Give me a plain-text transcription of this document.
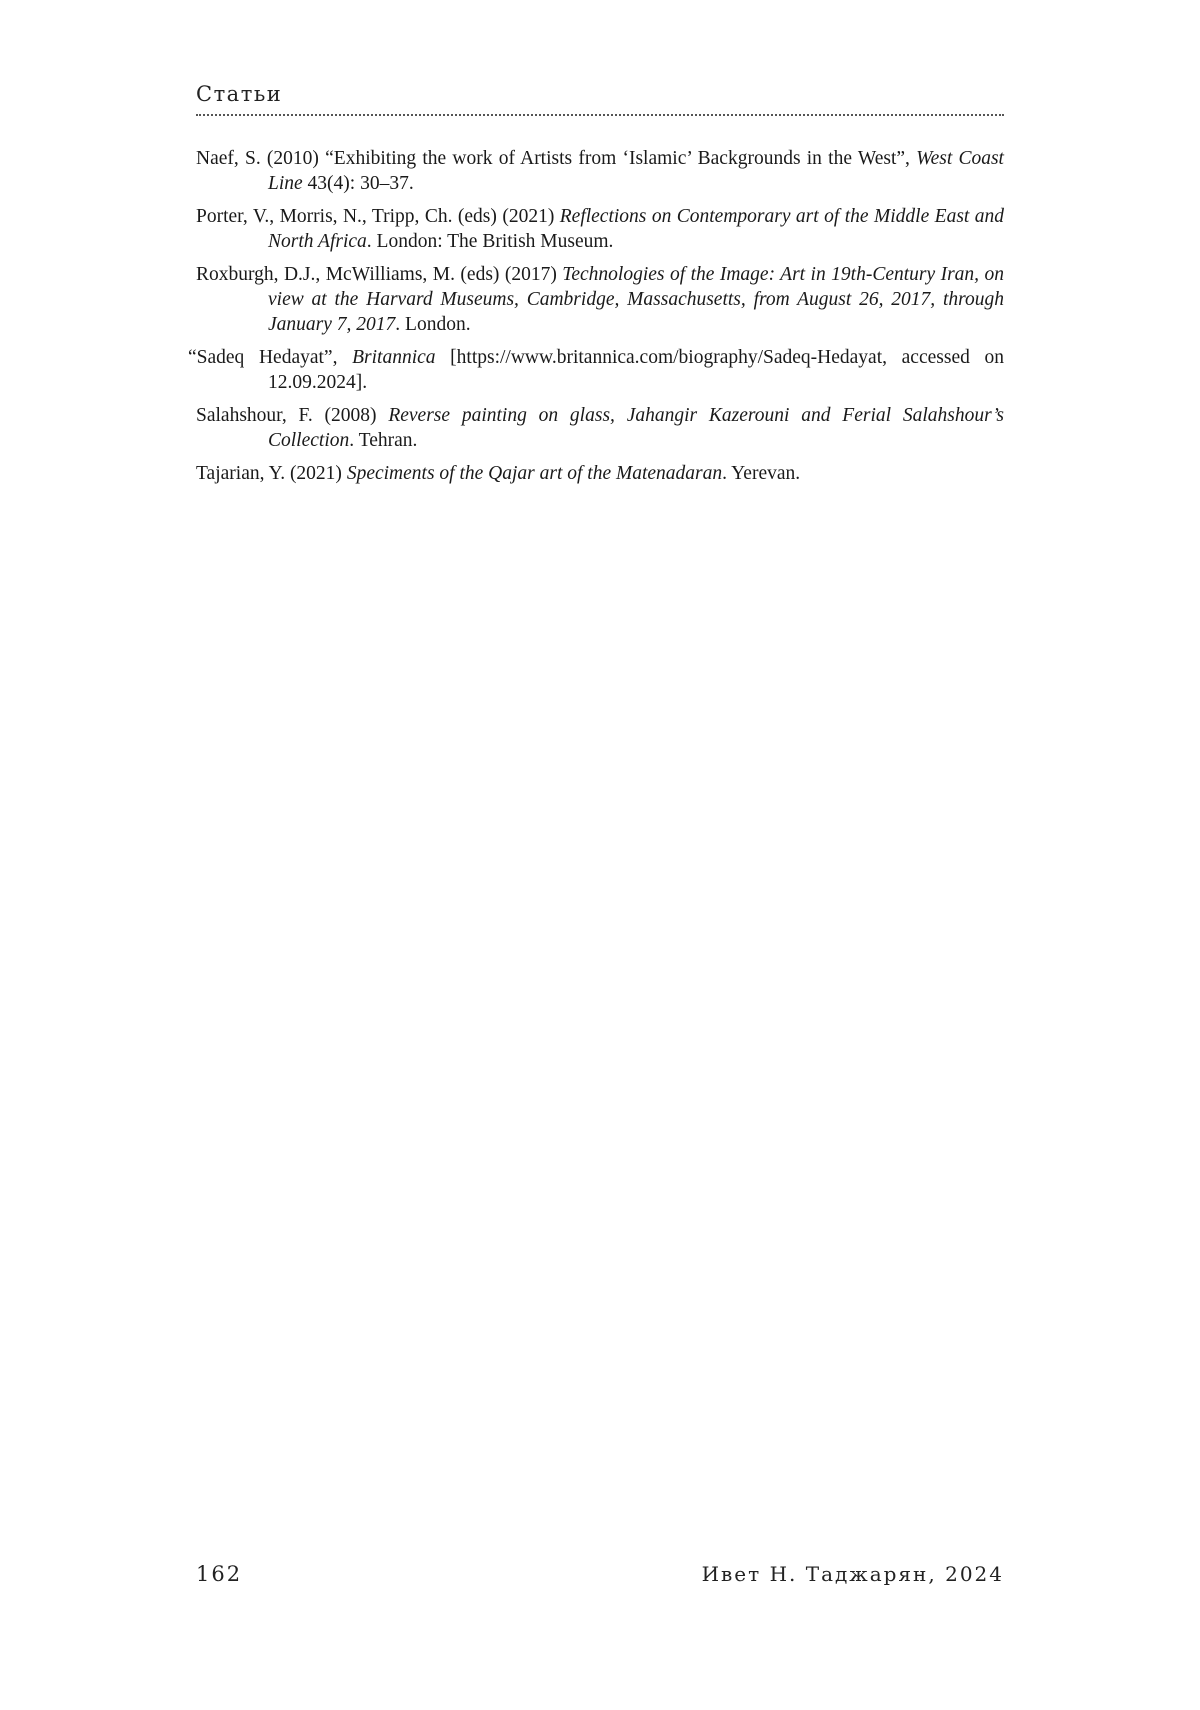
Статьи
Naef, S. (2010) “Exhibiting the work of Artists from ‘Islamic’ Backgrounds in the West”, West Coast Line 43(4): 30–37.
Porter, V., Morris, N., Tripp, Ch. (eds) (2021) Reflections on Contemporary art of the Middle East and North Africa. London: The British Museum.
Roxburgh, D.J., McWilliams, M. (eds) (2017) Technologies of the Image: Art in 19th-Century Iran, on view at the Harvard Museums, Cambridge, Massachusetts, from August 26, 2017, through January 7, 2017. London.
“Sadeq Hedayat”, Britannica [https://www.britannica.com/biography/Sadeq-Hedayat, accessed on 12.09.2024].
Salahshour, F. (2008) Reverse painting on glass, Jahangir Kazerouni and Ferial Salahshour’s Collection. Tehran.
Tajarian, Y. (2021) Speciments of the Qajar art of the Matenadaran. Yerevan.
162	Ивет Н. Таджарян, 2024
